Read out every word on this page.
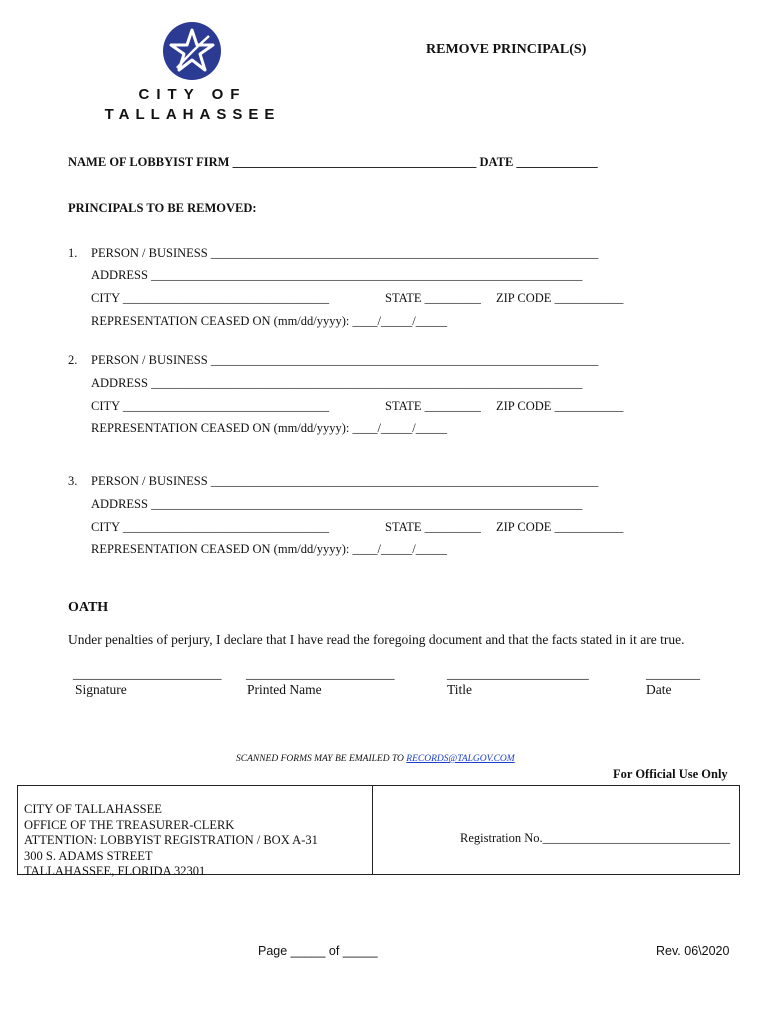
CITY OF
TALLAHASSEE
REMOVE PRINCIPAL(S)
NAME OF LOBBYIST FIRM _______________________________________ DATE _____________
PRINCIPALS TO BE REMOVED:
1. PERSON / BUSINESS ______________________________________________________________
ADDRESS _____________________________________________________________________
CITY _________________________________	STATE _________ ZIP CODE ___________
REPRESENTATION CEASED ON (mm/dd/yyyy): ____/_____/_____
2. PERSON / BUSINESS ______________________________________________________________
ADDRESS _____________________________________________________________________
CITY _________________________________	STATE _________ ZIP CODE ___________
REPRESENTATION CEASED ON (mm/dd/yyyy): ____/_____/_____
3. PERSON / BUSINESS ______________________________________________________________
ADDRESS _____________________________________________________________________
CITY _________________________________	STATE _________ ZIP CODE ___________
REPRESENTATION CEASED ON (mm/dd/yyyy): ____/_____/_____
OATH
Under penalties of perjury, I declare that I have read the foregoing document and that the facts stated in it are true.
______________________ ______________________	_____________________	________
Signature	Printed Name	Title	Date
SCANNED FORMS MAY BE EMAILED TO RECORDS@TALGOV.COM
For Official Use Only
CITY OF TALLAHASSEE
OFFICE OF THE TREASURER-CLERK
ATTENTION: LOBBYIST REGISTRATION / BOX A-31
300 S. ADAMS STREET
TALLAHASSEE, FLORIDA 32301
Registration No.______________________________
Page _____ of _____	Rev. 06\2020
